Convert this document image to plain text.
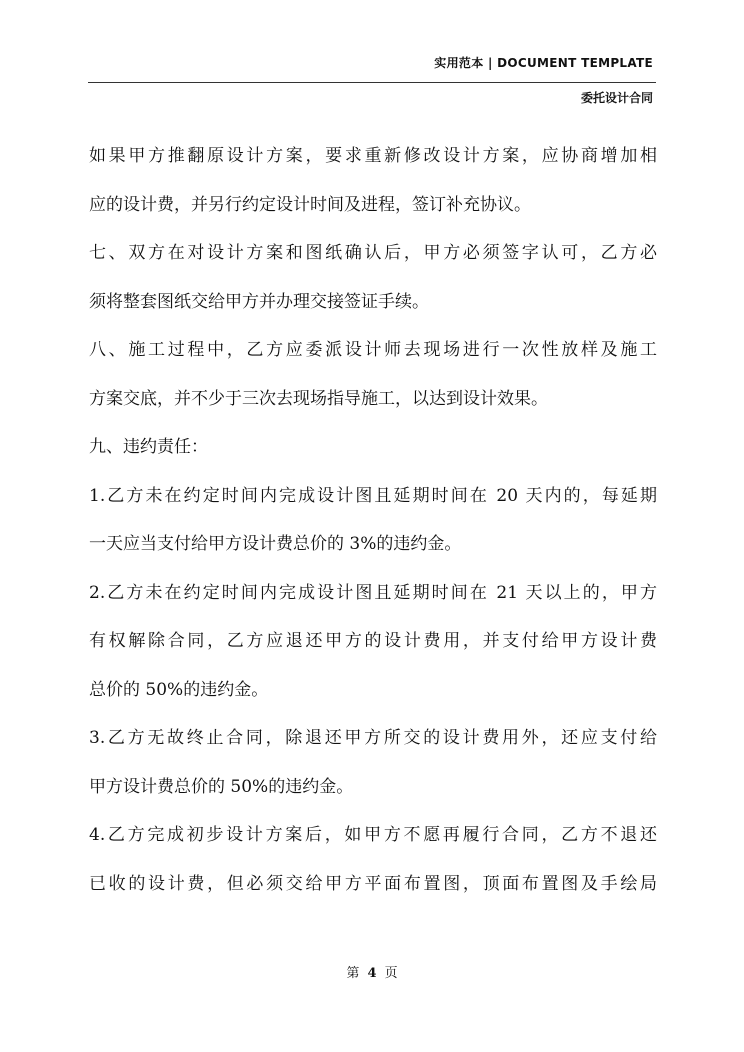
实用范本 | DOCUMENT TEMPLATE
委托设计合同
如果甲方推翻原设计方案，要求重新修改设计方案，应协商增加相
应的设计费，并另行约定设计时间及进程，签订补充协议。
七、双方在对设计方案和图纸确认后，甲方必须签字认可，乙方必
须将整套图纸交给甲方并办理交接签证手续。
八、施工过程中，乙方应委派设计师去现场进行一次性放样及施工
方案交底，并不少于三次去现场指导施工，以达到设计效果。
九、违约责任：
1.乙方未在约定时间内完成设计图且延期时间在 20 天内的，每延期
一天应当支付给甲方设计费总价的 3%的违约金。
2.乙方未在约定时间内完成设计图且延期时间在 21 天以上的，甲方
有权解除合同，乙方应退还甲方的设计费用，并支付给甲方设计费
总价的 50%的违约金。
3.乙方无故终止合同，除退还甲方所交的设计费用外，还应支付给
甲方设计费总价的 50%的违约金。
4.乙方完成初步设计方案后，如甲方不愿再履行合同，乙方不退还
已收的设计费，但必须交给甲方平面布置图，顶面布置图及手绘局
第 4 页
